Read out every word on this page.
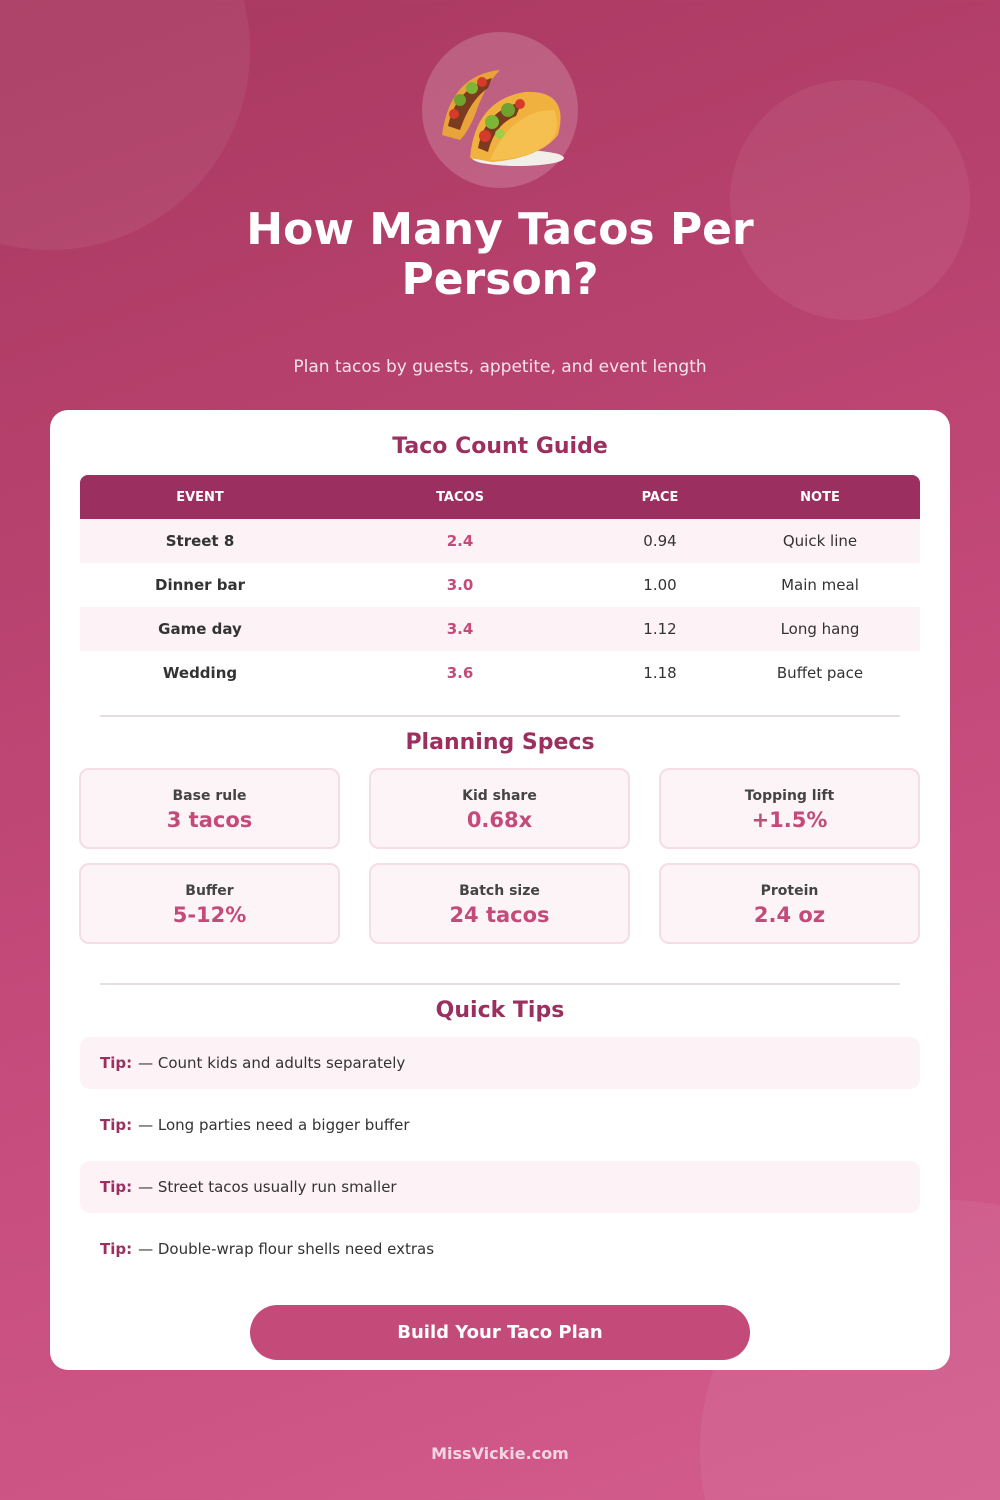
How Many Tacos Per Person?
Plan tacos by guests, appetite, and event length
Taco Count Guide
EVENT	TACOS	PACE	NOTE
Street 8	2.4	0.94	Quick line
Dinner bar	3.0	1.00	Main meal
Game day	3.4	1.12	Long hang
Wedding	3.6	1.18	Buffet pace
Planning Specs
Base rule
3 tacos
Kid share
0.68x
Topping lift
+1.5%
Buffer
5-12%
Batch size
24 tacos
Protein
2.4 oz
Quick Tips
Tip: — Count kids and adults separately
Tip: — Long parties need a bigger buffer
Tip: — Street tacos usually run smaller
Tip: — Double-wrap flour shells need extras
Build Your Taco Plan
MissVickie.com
